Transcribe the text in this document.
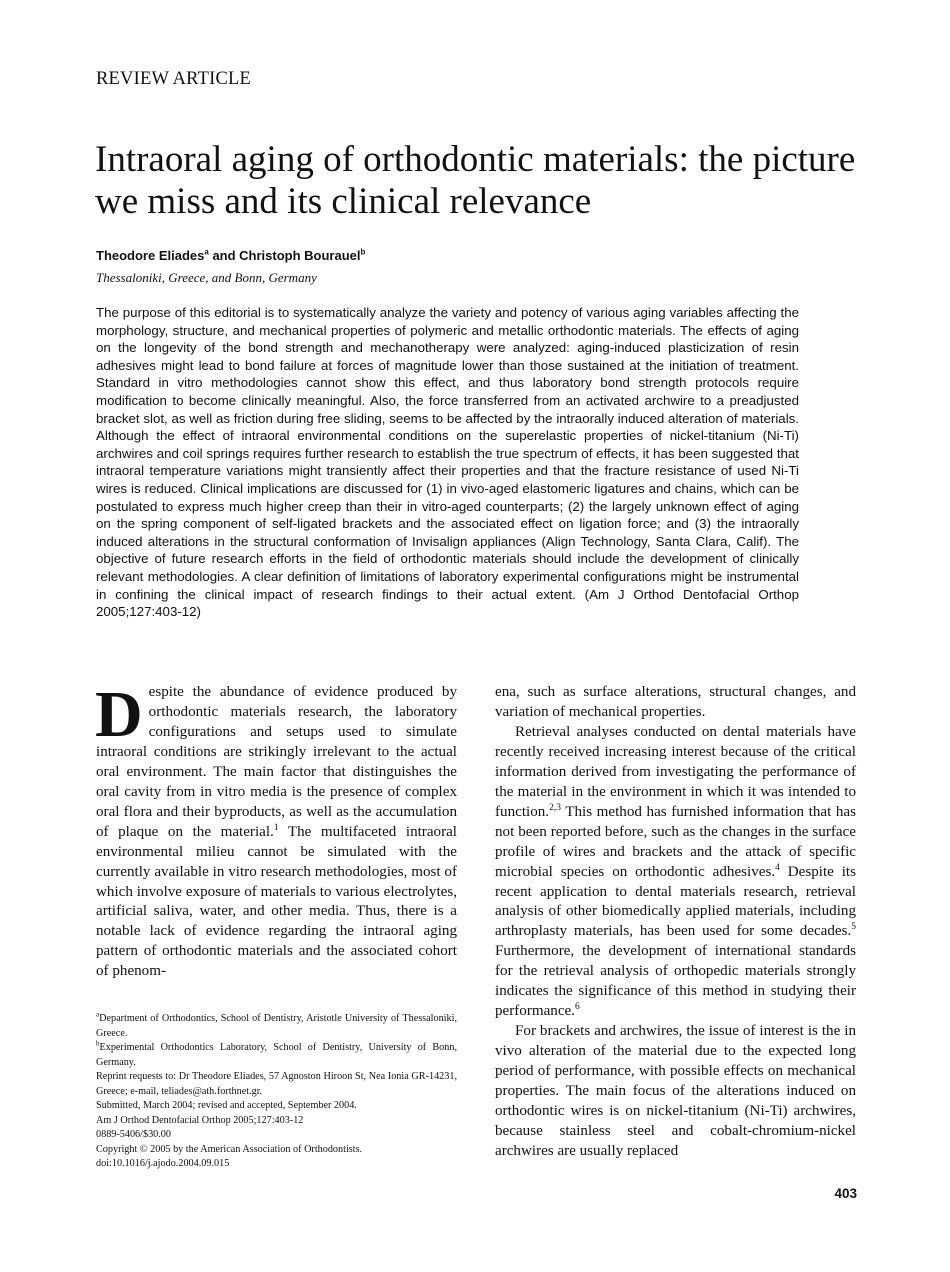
REVIEW ARTICLE
Intraoral aging of orthodontic materials: the picture we miss and its clinical relevance
Theodore Eliades$^a$ and Christoph Bourauel$^b$
Thessaloniki, Greece, and Bonn, Germany

The purpose of this editorial is to systematically analyze the variety and potency of various aging variables affecting the morphology, structure, and mechanical properties of polymeric and metallic orthodontic materials. The effects of aging on the longevity of the bond strength and mechanotherapy were analyzed: aging-induced plasticization of resin adhesives might lead to bond failure at forces of magnitude lower than those sustained at the initiation of treatment. Standard in vitro methodologies cannot show this effect, and thus laboratory bond strength protocols require modification to become clinically meaningful. Also, the force transferred from an activated archwire to a preadjusted bracket slot, as well as friction during free sliding, seems to be affected by the intraorally induced alteration of materials. Although the effect of intraoral environmental conditions on the superelastic properties of nickel-titanium (Ni-Ti) archwires and coil springs requires further research to establish the true spectrum of effects, it has been suggested that intraoral temperature variations might transiently affect their properties and that the fracture resistance of used Ni-Ti wires is reduced. Clinical implications are discussed for (1) in vivo-aged elastomeric ligatures and chains, which can be postulated to express much higher creep than their in vitro-aged counterparts; (2) the largely unknown effect of aging on the spring component of self-ligated brackets and the associated effect on ligation force; and (3) the intraorally induced alterations in the structural conformation of Invisalign appliances (Align Technology, Santa Clara, Calif). The objective of future research efforts in the field of orthodontic materials should include the development of clinically relevant methodologies. A clear definition of limitations of laboratory experimental configurations might be instrumental in confining the clinical impact of research findings to their actual extent. (Am J Orthod Dentofacial Orthop 2005;127:403-12)

Despite the abundance of evidence produced by orthodontic materials research, the laboratory configurations and setups used to simulate intraoral conditions are strikingly irrelevant to the actual oral environment. The main factor that distinguishes the oral cavity from in vitro media is the presence of complex oral flora and their byproducts, as well as the accumulation of plaque on the material.$^1$ The multifaceted intraoral environmental milieu cannot be simulated with the currently available in vitro research methodologies, most of which involve exposure of materials to various electrolytes, artificial saliva, water, and other media. Thus, there is a notable lack of evidence regarding the intraoral aging pattern of orthodontic materials and the associated cohort of phenom-

$^a$Department of Orthodontics, School of Dentistry, Aristotle University of Thessaloniki, Greece.

$^b$Experimental Orthodontics Laboratory, School of Dentistry, University of Bonn, Germany.

Reprint requests to: Dr Theodore Eliades, 57 Agnoston Hiroon St, Nea Ionia GR-14231, Greece; e-mail, teliades@ath.forthnet.gr.

Submitted, March 2004; revised and accepted, September 2004.

Am J Orthod Dentofacial Orthop 2005;127:403-12

0889-5406/$30.00

Copyright © 2005 by the American Association of Orthodontists.

doi:10.1016/j.ajodo.2004.09.015

ena, such as surface alterations, structural changes, and variation of mechanical properties.

Retrieval analyses conducted on dental materials have recently received increasing interest because of the critical information derived from investigating the performance of the material in the environment in which it was intended to function.$^{2,3}$ This method has furnished information that has not been reported before, such as the changes in the surface profile of wires and brackets and the attack of specific microbial species on orthodontic adhesives.$^4$ Despite its recent application to dental materials research, retrieval analysis of other biomedically applied materials, including arthroplasty materials, has been used for some decades.$^5$ Furthermore, the development of international standards for the retrieval analysis of orthopedic materials strongly indicates the significance of this method in studying their performance.$^6$

For brackets and archwires, the issue of interest is the in vivo alteration of the material due to the expected long period of performance, with possible effects on mechanical properties. The main focus of the alterations induced on orthodontic wires is on nickel-titanium (Ni-Ti) archwires, because stainless steel and cobalt-chromium-nickel archwires are usually replaced

403
